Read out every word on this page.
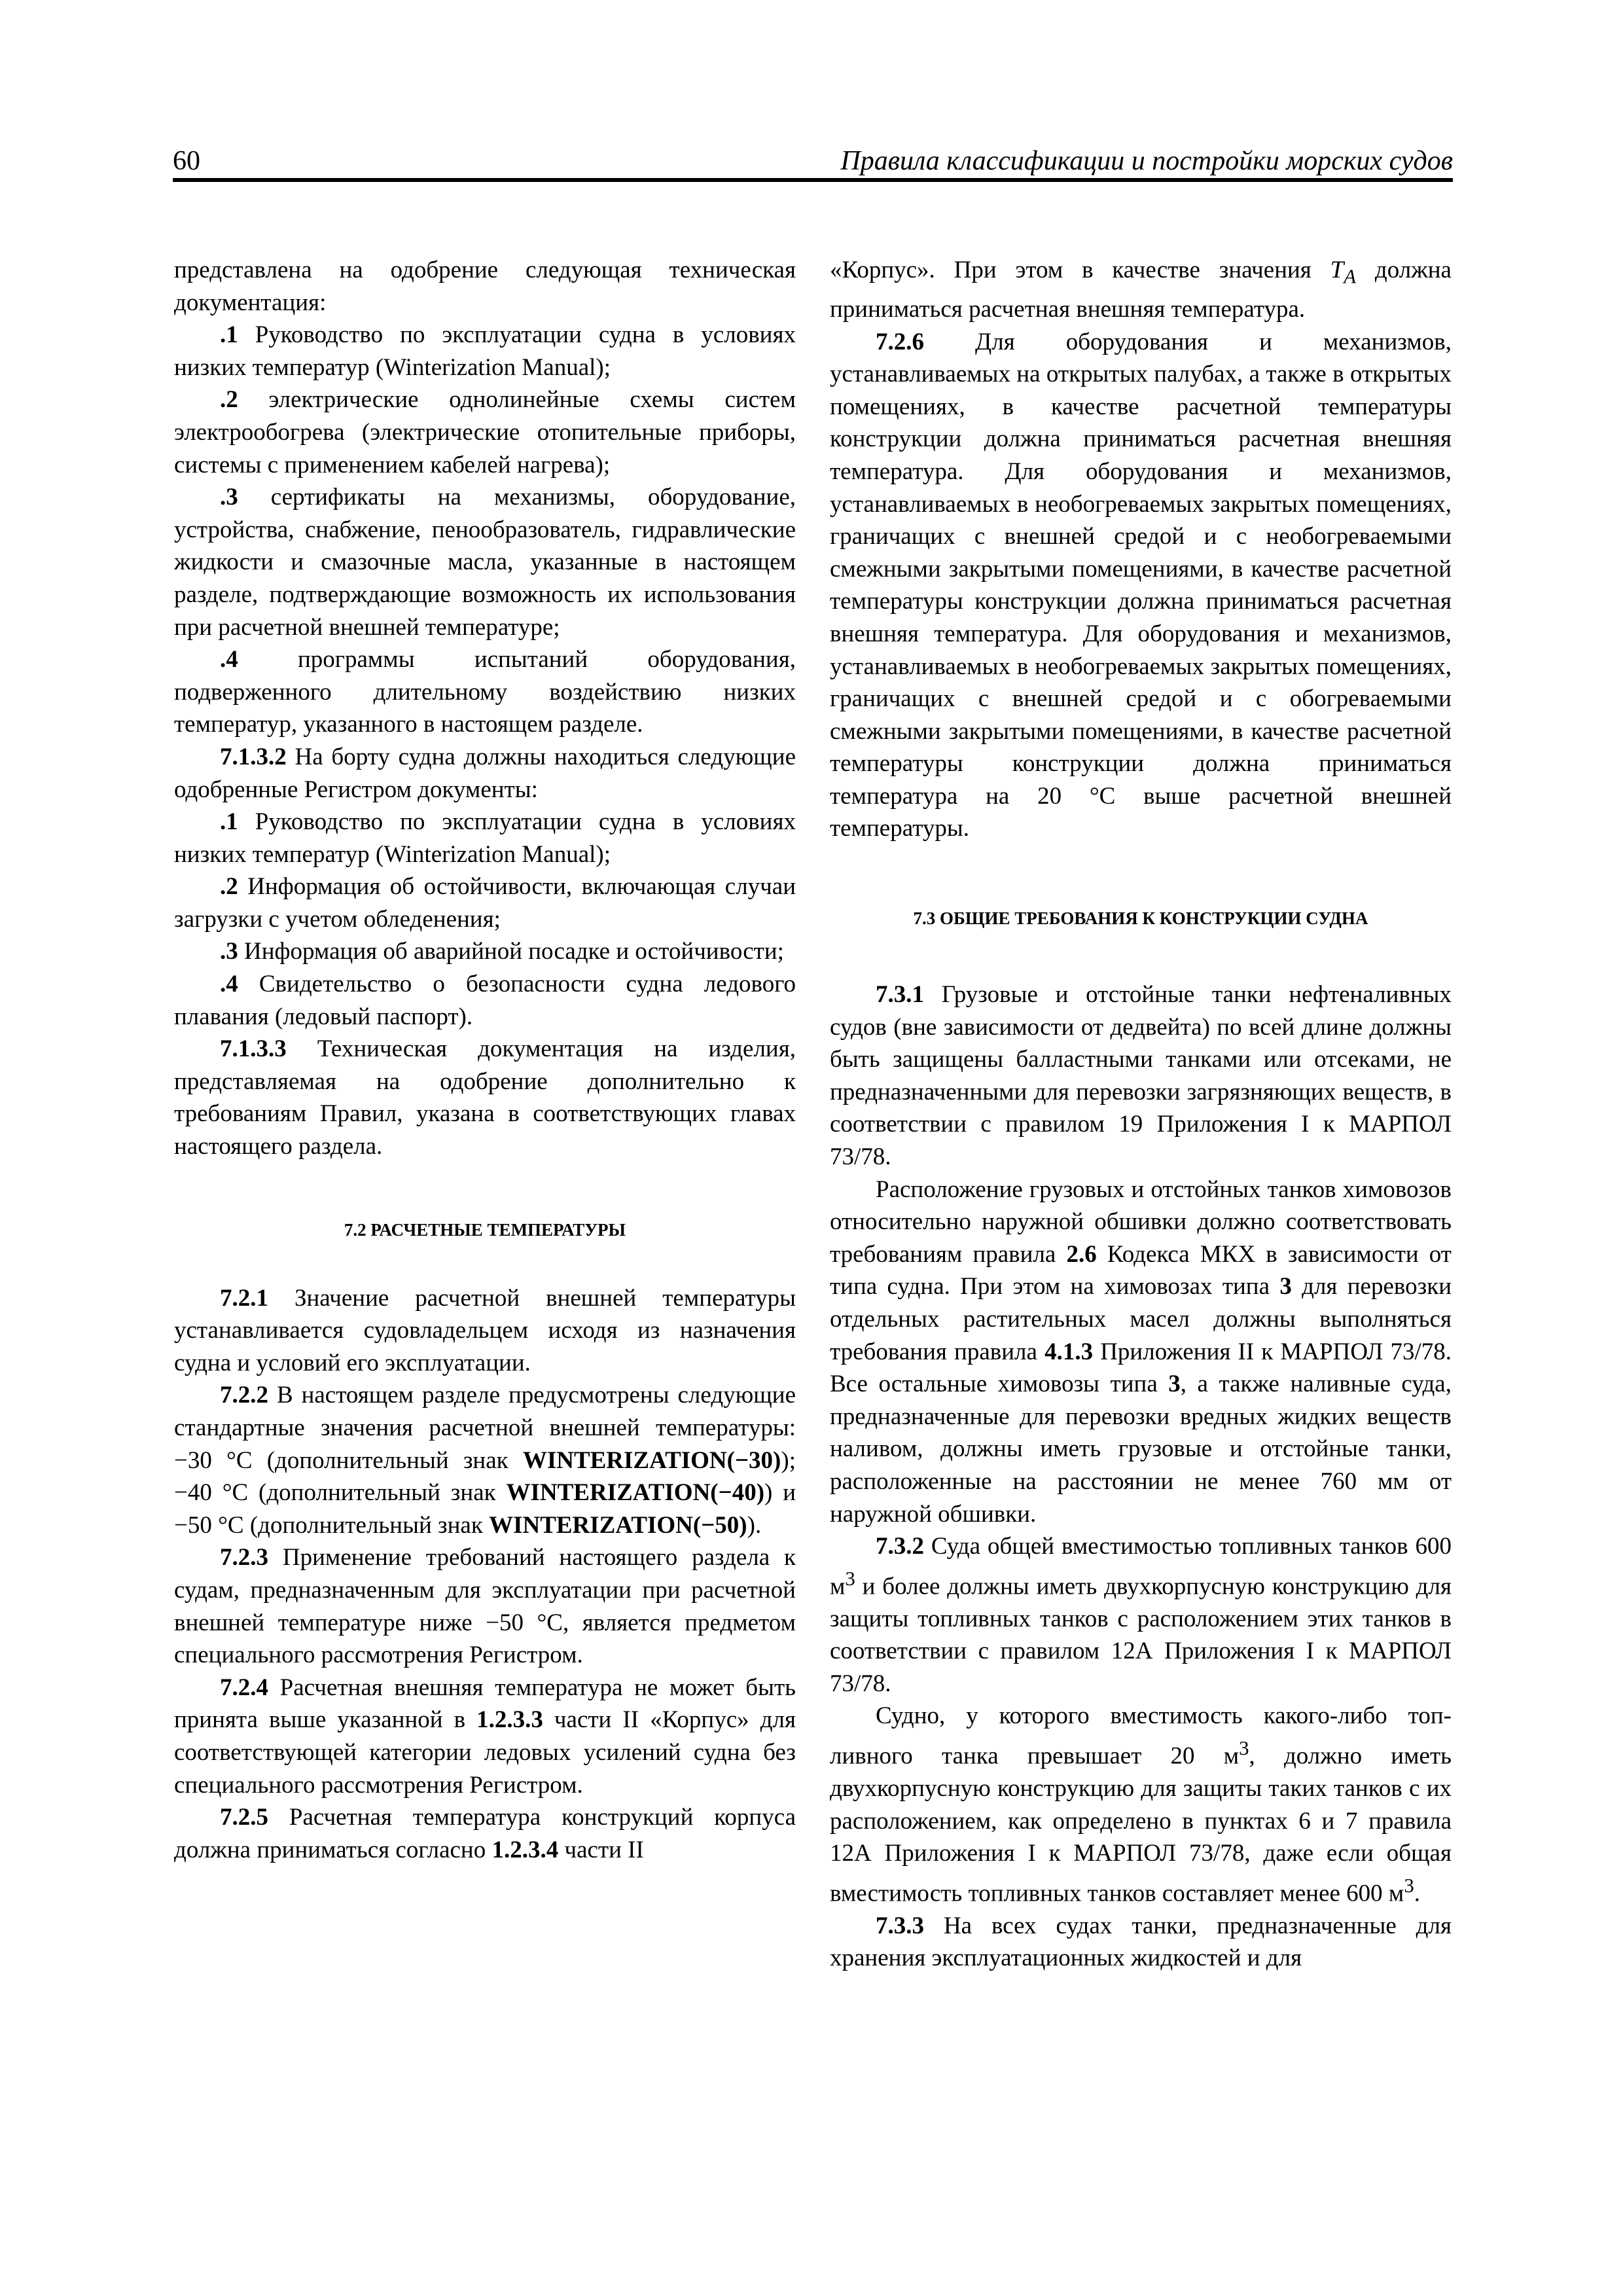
60	Правила классификации и постройки морских судов

представлена на одобрение следующая техническая документация:

.1 Руководство по эксплуатации судна в условиях низких температур (Winterization Manual);

.2 электрические однолинейные схемы систем электрообогрева (электрические отопительные приборы, системы с применением кабелей нагрева);

.3 сертификаты на механизмы, оборудование, устройства, снабжение, пенообразователь, гидравлические жидкости и смазочные масла, указанные в настоящем разделе, подтверждающие возможность их использования при расчетной внешней температуре;

.4 программы испытаний оборудования, подверженного длительному воздействию низких температур, указанного в настоящем разделе.

7.1.3.2 На борту судна должны находиться следующие одобренные Регистром документы:

.1 Руководство по эксплуатации судна в условиях низких температур (Winterization Manual);

.2 Информация об остойчивости, включающая случаи загрузки с учетом обледенения;

.3 Информация об аварийной посадке и остойчивости;

.4 Свидетельство о безопасности судна ледового плавания (ледовый паспорт).

7.1.3.3 Техническая документация на изделия, представляемая на одобрение дополнительно к требованиям Правил, указана в соответствующих главах настоящего раздела.

7.2 РАСЧЕТНЫЕ ТЕМПЕРАТУРЫ

7.2.1 Значение расчетной внешней температуры устанавливается судовладельцем исходя из назначения судна и условий его эксплуатации.

7.2.2 В настоящем разделе предусмотрены следующие стандартные значения расчетной внешней температуры: −30 °C (дополнительный знак WINTERIZATION(−30)); −40 °C (дополнительный знак WINTERIZATION(−40)) и −50 °C (дополнительный знак WINTERIZATION(−50)).

7.2.3 Применение требований настоящего раздела к судам, предназначенным для эксплуатации при расчетной внешней температуре ниже −50 °C, является предметом специального рассмотрения Регистром.

7.2.4 Расчетная внешняя температура не может быть принята выше указанной в 1.2.3.3 части II «Корпус» для соответствующей категории ледовых усилений судна без специального рассмотрения Регистром.

7.2.5 Расчетная температура конструкций корпуса должна приниматься согласно 1.2.3.4 части II

«Корпус». При этом в качестве значения $T_A$ должна приниматься расчетная внешняя температура.

7.2.6 Для оборудования и механизмов, устанавливаемых на открытых палубах, а также в открытых помещениях, в качестве расчетной температуры конструкции должна приниматься расчетная внешняя температура. Для оборудования и механизмов, устанавливаемых в необогреваемых закрытых помещениях, граничащих с внешней средой и с необогреваемыми смежными закрытыми помещениями, в качестве расчетной температуры конструкции должна приниматься расчетная внешняя температура. Для оборудования и механизмов, устанавливаемых в необогреваемых закрытых помещениях, граничащих с внешней средой и с обогреваемыми смежными закрытыми помещениями, в качестве расчетной температуры конструкции должна приниматься температура на 20 °C выше расчетной внешней температуры.

7.3 ОБЩИЕ ТРЕБОВАНИЯ К КОНСТРУКЦИИ СУДНА

7.3.1 Грузовые и отстойные танки нефтеналивных судов (вне зависимости от дедвейта) по всей длине должны быть защищены балластными танками или отсеками, не предназначенными для перевозки загрязняющих веществ, в соответствии с правилом 19 Приложения I к МАРПОЛ 73/78.

Расположение грузовых и отстойных танков химовозов относительно наружной обшивки должно соответствовать требованиям правила 2.6 Кодекса МКХ в зависимости от типа судна. При этом на химовозах типа 3 для перевозки отдельных растительных масел должны выполняться требования правила 4.1.3 Приложения II к МАРПОЛ 73/78. Все остальные химовозы типа 3, а также наливные суда, предназначенные для перевозки вредных жидких веществ наливом, должны иметь грузовые и отстойные танки, расположенные на расстоянии не менее 760 мм от наружной обшивки.

7.3.2 Суда общей вместимостью топливных танков 600 $м^3$ и более должны иметь двухкорпусную конструкцию для защиты топливных танков с расположением этих танков в соответствии с правилом 12А Приложения I к МАРПОЛ 73/78.

Судно, у которого вместимость какого-либо топливного танка превышает 20 $м^3$, должно иметь двухкорпусную конструкцию для защиты таких танков с их расположением, как определено в пунктах 6 и 7 правила 12А Приложения I к МАРПОЛ 73/78, даже если общая вместимость топливных танков составляет менее 600 $м^3$.

7.3.3 На всех судах танки, предназначенные для хранения эксплуатационных жидкостей и для
